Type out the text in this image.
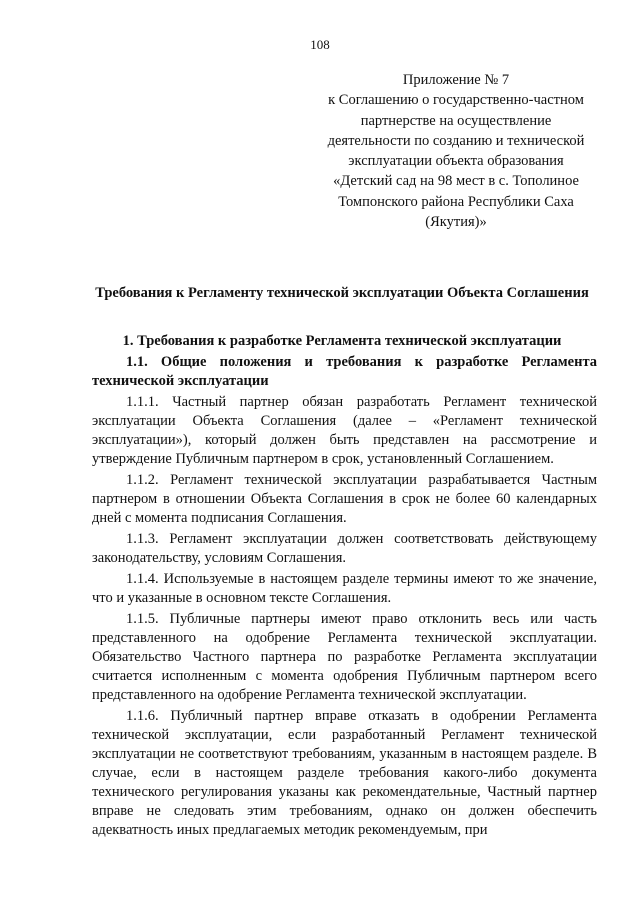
108
Приложение № 7
к Соглашению о государственно-частном
партнерстве на осуществление
деятельности по созданию и технической
эксплуатации объекта образования
«Детский сад на 98 мест в с. Тополиное
Томпонского района Республики Саха
(Якутия)»
Требования к Регламенту технической эксплуатации Объекта Соглашения
1. Требования к разработке Регламента технической эксплуатации

1.1. Общие положения и требования к разработке Регламента технической эксплуатации

1.1.1. Частный партнер обязан разработать Регламент технической эксплуатации Объекта Соглашения (далее – «Регламент технической эксплуатации»), который должен быть представлен на рассмотрение и утверждение Публичным партнером в срок, установленный Соглашением.

1.1.2. Регламент технической эксплуатации разрабатывается Частным партнером в отношении Объекта Соглашения в срок не более 60 календарных дней с момента подписания Соглашения.

1.1.3. Регламент эксплуатации должен соответствовать действующему законодательству, условиям Соглашения.

1.1.4. Используемые в настоящем разделе термины имеют то же значение, что и указанные в основном тексте Соглашения.

1.1.5. Публичные партнеры имеют право отклонить весь или часть представленного на одобрение Регламента технической эксплуатации. Обязательство Частного партнера по разработке Регламента эксплуатации считается исполненным с момента одобрения Публичным партнером всего представленного на одобрение Регламента технической эксплуатации.

1.1.6. Публичный партнер вправе отказать в одобрении Регламента технической эксплуатации, если разработанный Регламент технической эксплуатации не соответствуют требованиям, указанным в настоящем разделе. В случае, если в настоящем разделе требования какого-либо документа технического регулирования указаны как рекомендательные, Частный партнер вправе не следовать этим требованиям, однако он должен обеспечить адекватность иных предлагаемых методик рекомендуемым, при
